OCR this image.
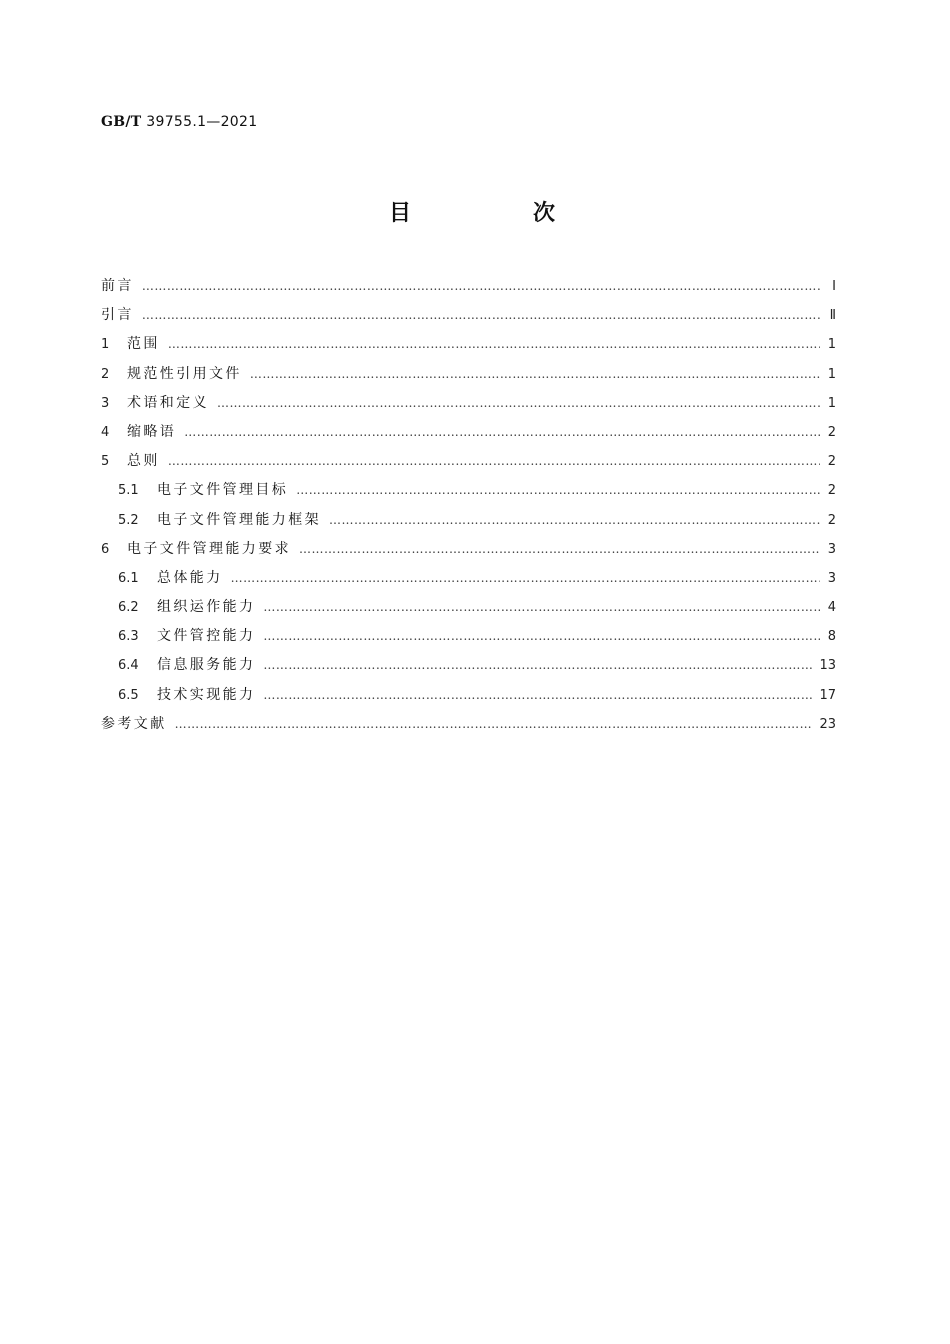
GB/T 39755.1—2021
目　次
前言 …………………………………………………………………………………………………………………………………………………………………………………………………………………………………………………	Ⅰ
引言 …………………………………………………………………………………………………………………………………………………………………………………………………………………………………………………	Ⅱ
1	范围 …………………………………………………………………………………………………………………………………………………………………………………………………………………………………………………	1
2	规范性引用文件 …………………………………………………………………………………………………………………………………………………………………………………………………………………………………………………	1
3	术语和定义 …………………………………………………………………………………………………………………………………………………………………………………………………………………………………………………	1
4	缩略语 …………………………………………………………………………………………………………………………………………………………………………………………………………………………………………………	2
5	总则 …………………………………………………………………………………………………………………………………………………………………………………………………………………………………………………	2
5.1	电子文件管理目标 …………………………………………………………………………………………………………………………………………………………………………………………………………………………………………………	2
5.2	电子文件管理能力框架 …………………………………………………………………………………………………………………………………………………………………………………………………………………………………………………	2
6	电子文件管理能力要求 …………………………………………………………………………………………………………………………………………………………………………………………………………………………………………………	3
6.1	总体能力 …………………………………………………………………………………………………………………………………………………………………………………………………………………………………………………	3
6.2	组织运作能力 …………………………………………………………………………………………………………………………………………………………………………………………………………………………………………………	4
6.3	文件管控能力 …………………………………………………………………………………………………………………………………………………………………………………………………………………………………………………	8
6.4	信息服务能力 …………………………………………………………………………………………………………………………………………………………………………………………………………………………………………………	13
6.5	技术实现能力 …………………………………………………………………………………………………………………………………………………………………………………………………………………………………………………	17
参考文献 …………………………………………………………………………………………………………………………………………………………………………………………………………………………………………………	23
